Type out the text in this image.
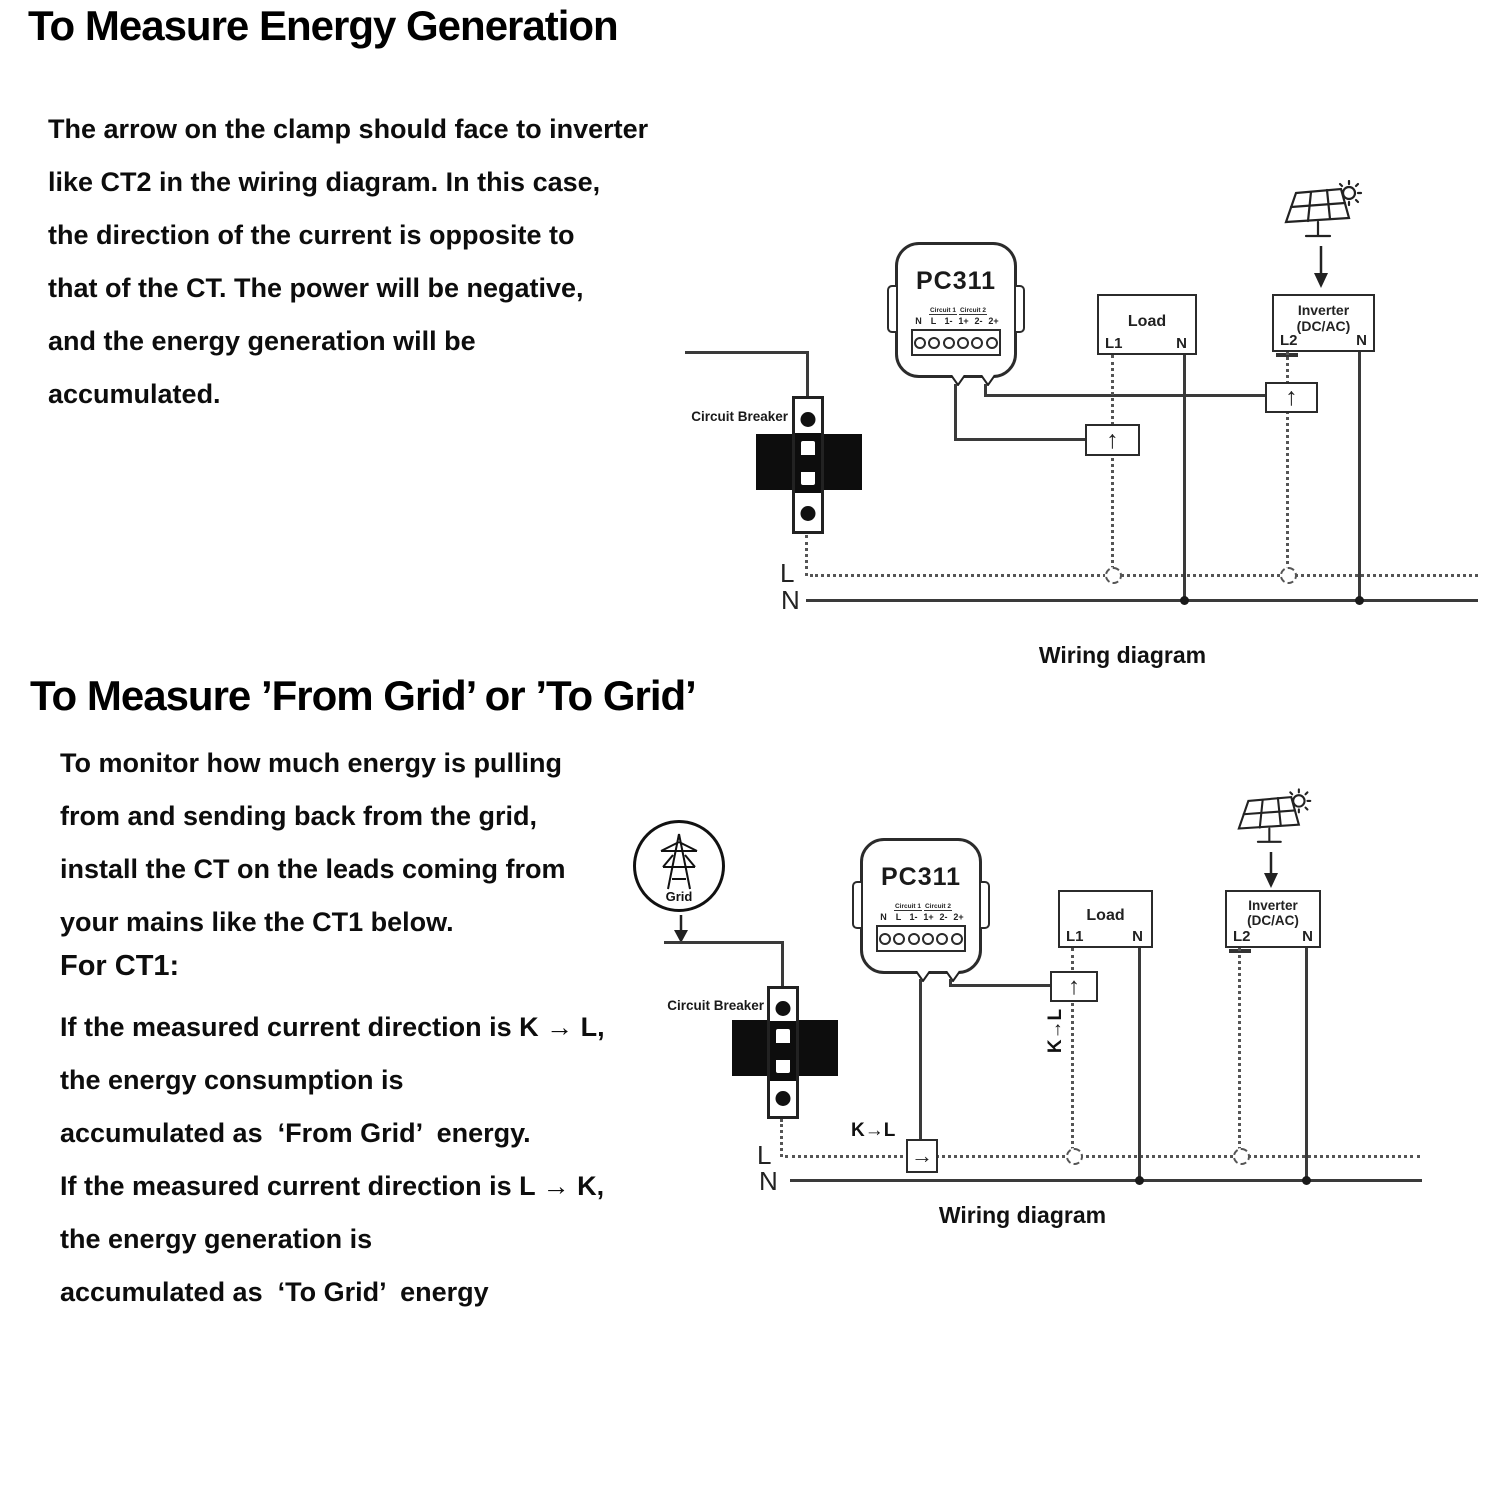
To Measure Energy Generation
The arrow on the clamp should face to inverter
like CT2 in the wiring diagram. In this case,
the direction of the current is opposite to
that of the CT. The power will be negative,
and the energy generation will be
accumulated.
L
N
Circuit Breaker
PC311
Circuit 1 Circuit 2
N	L 1- 1+ 2- 2+	Load
L1	N
↑
Inverter
(DC/AC)
L2	N
↑
Wiring diagram
To Measure ’From Grid’ or ’To Grid’
To monitor how much energy is pulling
from and sending back from the grid,
install the CT on the leads coming from
your mains like the CT1 below.
For CT1:
If the measured current direction is K → L,
the energy consumption is
accumulated as  ‘From Grid’  energy.
If the measured current direction is L → K,
the energy generation is
accumulated as  ‘To Grid’  energy
Grid
Circuit Breaker
L
N
PC311
Circuit 1 Circuit 2
N	L 1- 1+ 2- 2+	Load
L1	N
↑
K→L
Inverter
(DC/AC)
L2	N
K→L
→
Wiring diagram
